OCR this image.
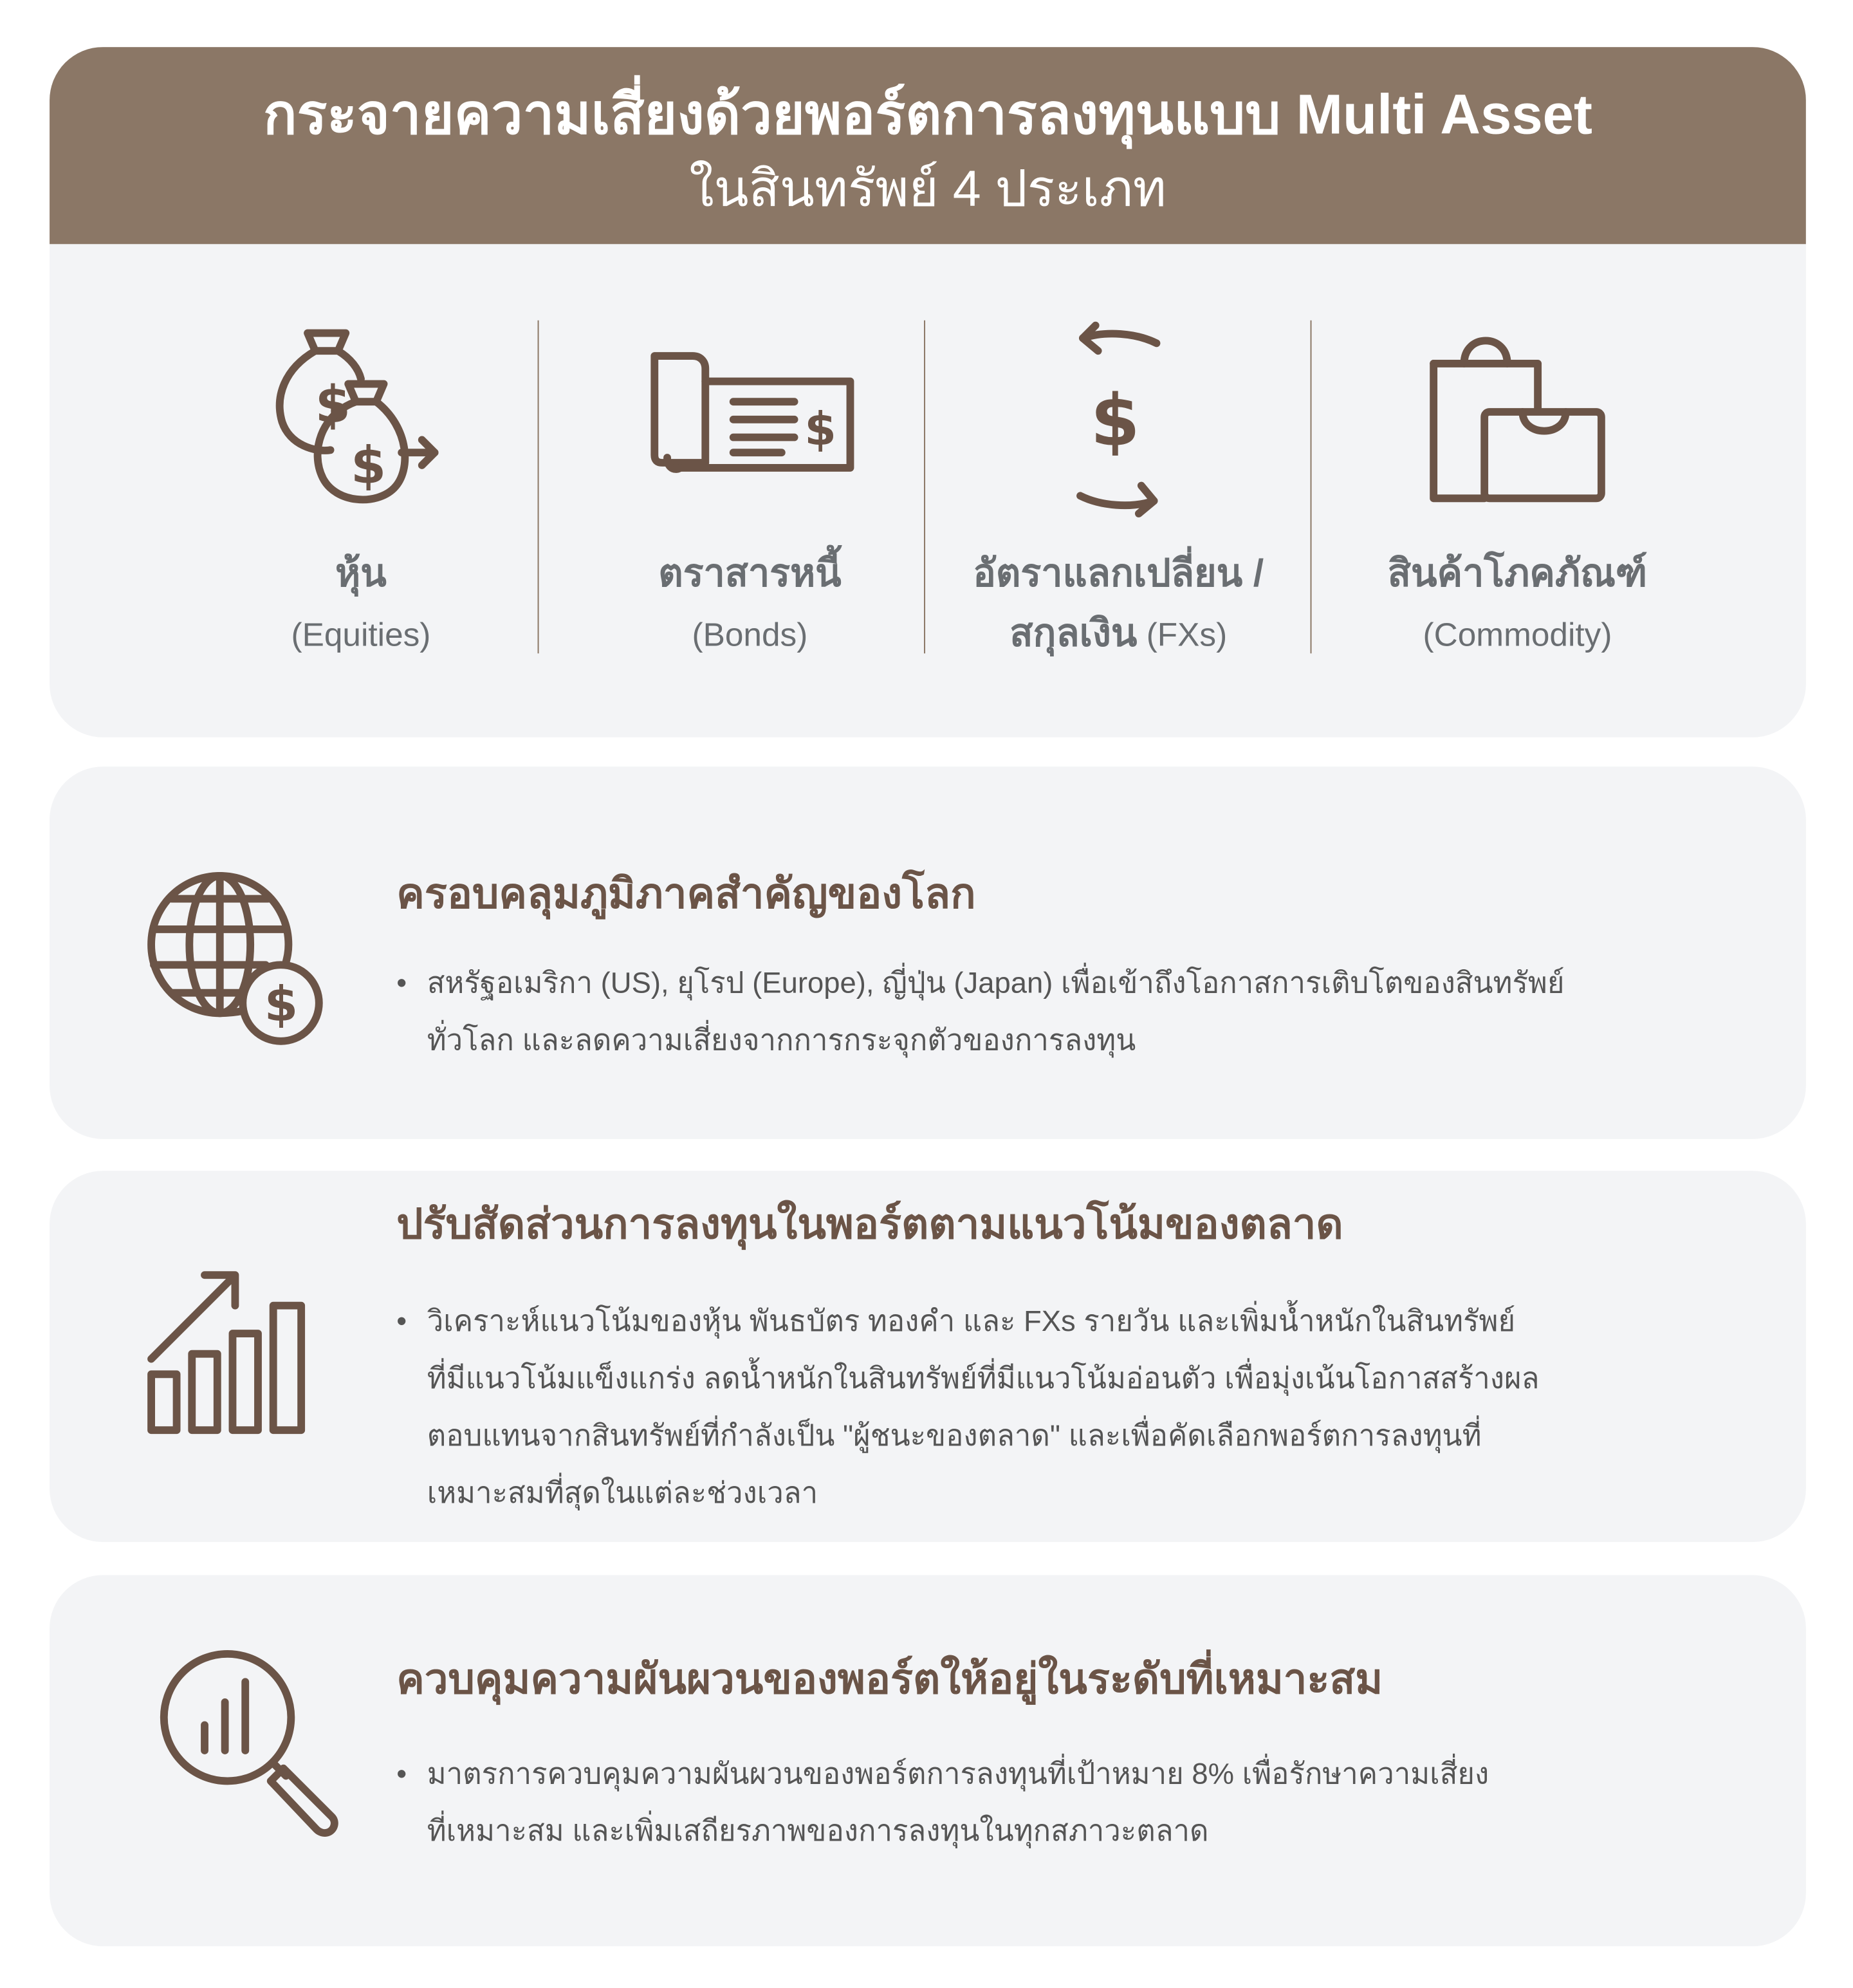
กระจายความเสี่ยงด้วยพอร์ตการลงทุนแบบ Multi Asset
ในสินทรัพย์ 4 ประเภท
$
$
หุ้น
(Equities)
$
ตราสารหนี้
(Bonds)
$
อัตราแลกเปลี่ยน /
สกุลเงิน (FXs)
สินค้าโภคภัณฑ์
(Commodity)
$
ครอบคลุมภูมิภาคสำคัญของโลก
•	สหรัฐอเมริกา (US), ยุโรป (Europe), ญี่ปุ่น (Japan) เพื่อเข้าถึงโอกาสการเติบโตของสินทรัพย์
ทั่วโลก และลดความเสี่ยงจากการกระจุกตัวของการลงทุน
ปรับสัดส่วนการลงทุนในพอร์ตตามแนวโน้มของตลาด
•	วิเคราะห์แนวโน้มของหุ้น พันธบัตร ทองคำ และ FXs รายวัน และเพิ่มน้ำหนักในสินทรัพย์
ที่มีแนวโน้มแข็งแกร่ง ลดน้ำหนักในสินทรัพย์ที่มีแนวโน้มอ่อนตัว เพื่อมุ่งเน้นโอกาสสร้างผล
ตอบแทนจากสินทรัพย์ที่กำลังเป็น "ผู้ชนะของตลาด" และเพื่อคัดเลือกพอร์ตการลงทุนที่
เหมาะสมที่สุดในแต่ละช่วงเวลา
ควบคุมความผันผวนของพอร์ตให้อยู่ในระดับที่เหมาะสม
•	มาตรการควบคุมความผันผวนของพอร์ตการลงทุนที่เป้าหมาย 8% เพื่อรักษาความเสี่ยง
ที่เหมาะสม และเพิ่มเสถียรภาพของการลงทุนในทุกสภาวะตลาด
